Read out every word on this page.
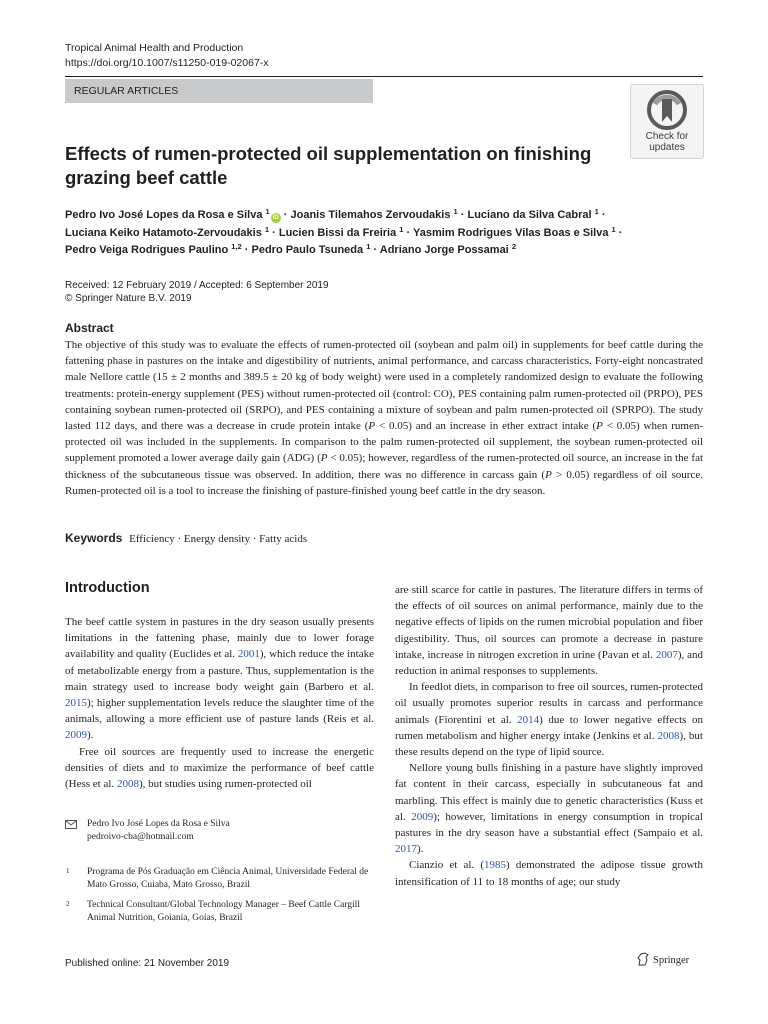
Tropical Animal Health and Production
https://doi.org/10.1007/s11250-019-02067-x
REGULAR ARTICLES
Check for
updates
Effects of rumen-protected oil supplementation on finishing grazing beef cattle
Pedro Ivo José Lopes da Rosa e Silva $^1$iD · Joanis Tilemahos Zervoudakis $^1$ · Luciano da Silva Cabral $^1$ ·
Luciana Keiko Hatamoto-Zervoudakis $^1$ · Lucien Bissi da Freiria $^1$ · Yasmim Rodrigues Vilas Boas e Silva $^1$ ·
Pedro Veiga Rodrigues Paulino $^{1,2}$ · Pedro Paulo Tsuneda $^1$ · Adriano Jorge Possamai $^2$
Received: 12 February 2019 / Accepted: 6 September 2019
© Springer Nature B.V. 2019
Abstract
The objective of this study was to evaluate the effects of rumen-protected oil (soybean and palm oil) in supplements for beef cattle during the fattening phase in pastures on the intake and digestibility of nutrients, animal performance, and carcass characteristics. Forty-eight noncastrated male Nellore cattle (15 ± 2 months and 389.5 ± 20 kg of body weight) were used in a completely randomized design to evaluate the following treatments: protein-energy supplement (PES) without rumen-protected oil (control: CO), PES containing palm rumen-protected oil (PRPO), PES containing soybean rumen-protected oil (SRPO), and PES containing a mixture of soybean and palm rumen-protected oil (SPRPO). The study lasted 112 days, and there was a decrease in crude protein intake (P < 0.05) and an increase in ether extract intake (P < 0.05) when rumen-protected oil was included in the supplements. In comparison to the palm rumen-protected oil supplement, the soybean rumen-protected oil supplement promoted a lower average daily gain (ADG) (P < 0.05); however, regardless of the rumen-protected oil source, an increase in the fat thickness of the subcutaneous tissue was observed. In addition, there was no difference in carcass gain (P > 0.05) regardless of oil source. Rumen-protected oil is a tool to increase the finishing of pasture-finished young beef cattle in the dry season.
Keywords Efficiency · Energy density · Fatty acids
Introduction

The beef cattle system in pastures in the dry season usually presents limitations in the fattening phase, mainly due to lower forage availability and quality (Euclides et al. 2001), which reduce the intake of metabolizable energy from a pasture. Thus, supplementation is the main strategy used to increase body weight gain (Barbero et al. 2015); higher supplementation levels reduce the slaughter time of the animals, allowing a more efficient use of pasture lands (Reis et al. 2009).

Free oil sources are frequently used to increase the energetic densities of diets and to maximize the performance of beef cattle (Hess et al. 2008), but studies using rumen-protected oil

are still scarce for cattle in pastures. The literature differs in terms of the effects of oil sources on animal performance, mainly due to the negative effects of lipids on the rumen microbial population and fiber digestibility. Thus, oil sources can promote a decrease in pasture intake, increase in nitrogen excretion in urine (Pavan et al. 2007), and reduction in animal responses to supplements.

In feedlot diets, in comparison to free oil sources, rumen-protected oil usually promotes superior results in carcass and performance animals (Fiorentini et al. 2014) due to lower negative effects on rumen metabolism and higher energy intake (Jenkins et al. 2008), but these results depend on the type of lipid source.

Nellore young bulls finishing in a pasture have slightly improved fat content in their carcass, especially in subcutaneous fat and marbling. This effect is mainly due to genetic characteristics (Kuss et al. 2009); however, limitations in energy consumption in tropical pastures in the dry season have a substantial effect (Sampaio et al. 2017).

Cianzio et al. (1985) demonstrated the adipose tissue growth intensification of 11 to 18 months of age; our study

Pedro Ivo José Lopes da Rosa e Silva
pedroivo-cba@hotmail.com
1 Programa de Pós Graduação em Ciência Animal, Universidade Federal de Mato Grosso, Cuiaba, Mato Grosso, Brazil
2 Technical Consultant/Global Technology Manager – Beef Cattle Cargill Animal Nutrition, Goiania, Goias, Brazil
Published online: 21 November 2019	Springer
